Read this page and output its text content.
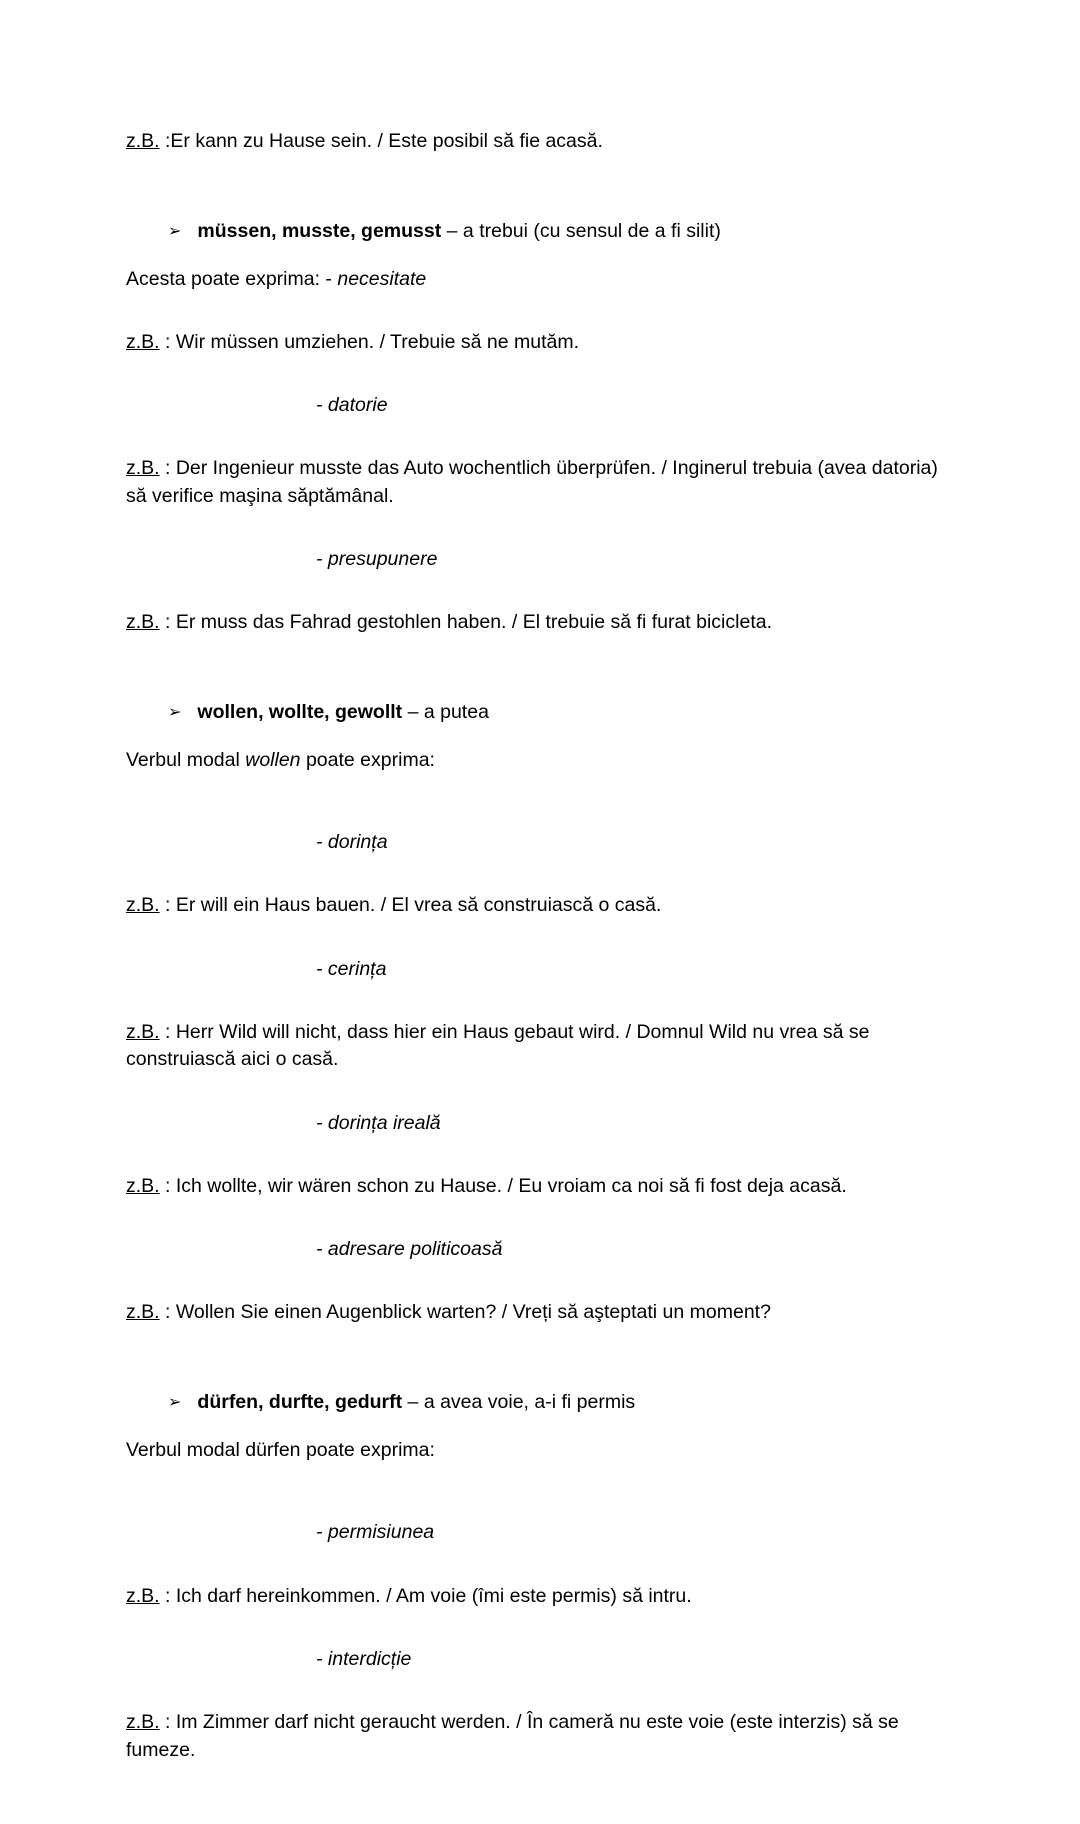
z.B. :Er kann zu Hause sein. / Este posibil să fie acasă.

➢ müssen, musste, gemusst – a trebui (cu sensul de a fi silit)

Acesta poate exprima: - necesitate

z.B. : Wir müssen umziehen. / Trebuie să ne mutăm.

- datorie

z.B. : Der Ingenieur musste das Auto wochentlich überprüfen. / Inginerul trebuia (avea datoria) să verifice maşina săptămânal.

- presupunere

z.B. : Er muss das Fahrad gestohlen haben. / El trebuie să fi furat bicicleta.

➢ wollen, wollte, gewollt – a putea

Verbul modal wollen poate exprima:

- dorința

z.B. : Er will ein Haus bauen. / El vrea să construiască o casă.

- cerința

z.B. : Herr Wild will nicht, dass hier ein Haus gebaut wird. / Domnul Wild nu vrea să se construiască aici o casă.

- dorința ireală

z.B. : Ich wollte, wir wären schon zu Hause. / Eu vroiam ca noi să fi fost deja acasă.

- adresare politicoasă

z.B. : Wollen Sie einen Augenblick warten? / Vreți să aşteptati un moment?

➢ dürfen, durfte, gedurft – a avea voie, a-i fi permis

Verbul modal dürfen poate exprima:

- permisiunea

z.B. : Ich darf hereinkommen. / Am voie (îmi este permis) să intru.

- interdicție

z.B. : Im Zimmer darf nicht geraucht werden. / În cameră nu este voie (este interzis) să se fumeze.
